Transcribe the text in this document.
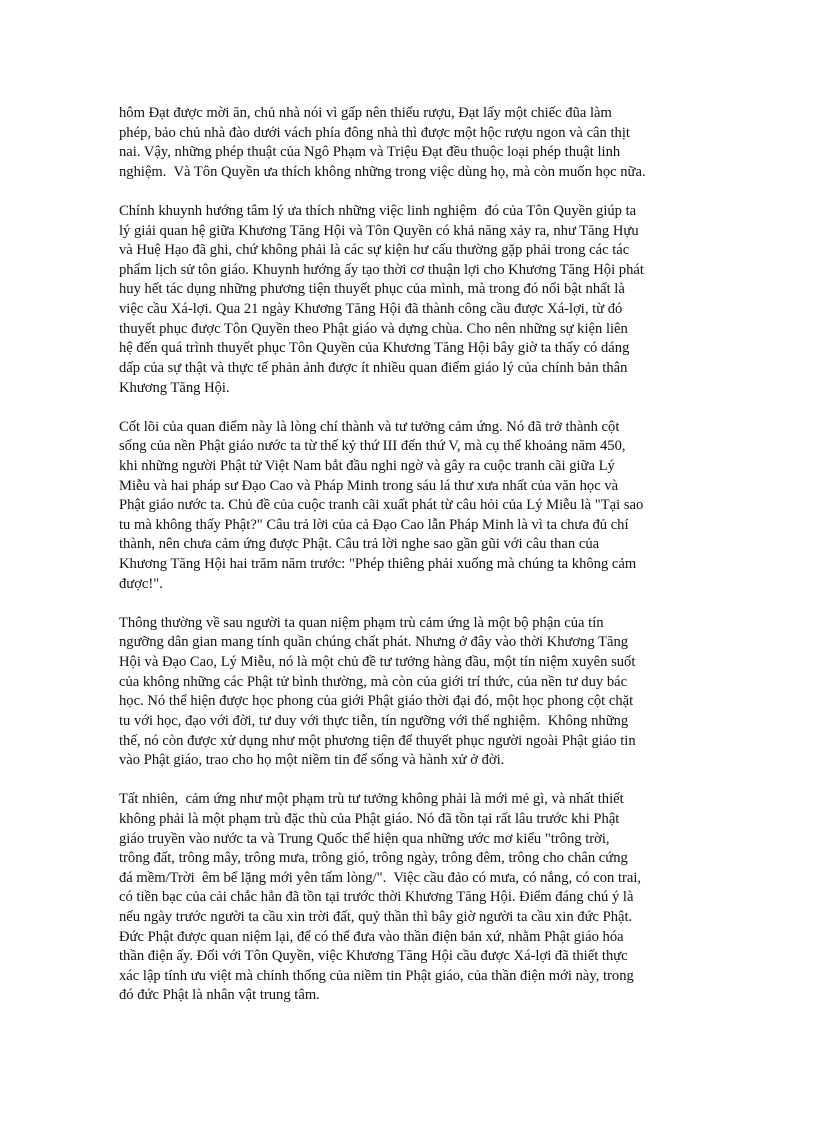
hôm Đạt được mời ăn, chủ nhà nói vì gấp nên thiếu rượu, Đạt lấy một chiếc đũa làm
phép, bảo chủ nhà đào dưới vách phía đông nhà thì được một hộc rượu ngon và cân thịt
nai. Vậy, những phép thuật của Ngô Phạm và Triệu Đạt đều thuộc loại phép thuật linh
nghiệm.  Và Tôn Quyền ưa thích không những trong việc dùng họ, mà còn muốn học nữa.
Chính khuynh hướng tâm lý ưa thích những việc linh nghiệm  đó của Tôn Quyền giúp ta
lý giải quan hệ giữa Khương Tăng Hội và Tôn Quyền có khả năng xảy ra, như Tăng Hựu
và Huệ Hạo đã ghi, chứ không phải là các sự kiện hư cấu thường gặp phải trong các tác
phẩm lịch sử tôn giáo. Khuynh hướng ấy tạo thời cơ thuận lợi cho Khương Tăng Hội phát
huy hết tác dụng những phương tiện thuyết phục của mình, mà trong đó nổi bật nhất là
việc cầu Xá-lợi. Qua 21 ngày Khương Tăng Hội đã thành công cầu được Xá-lợi, từ đó
thuyết phục được Tôn Quyền theo Phật giáo và dựng chùa. Cho nên những sự kiện liên
hệ đến quá trình thuyết phục Tôn Quyền của Khương Tăng Hội bây giờ ta thấy có dáng
dấp của sự thật và thực tế phản ảnh được ít nhiều quan điểm giáo lý của chính bản thân
Khương Tăng Hội.
Cốt lõi của quan điểm này là lòng chí thành và tư tưởng cảm ứng. Nó đã trở thành cột
sống của nền Phật giáo nước ta từ thế kỷ thứ III đến thứ V, mà cụ thể khoảng năm 450,
khi những người Phật tử Việt Nam bắt đầu nghi ngờ và gây ra cuộc tranh cãi giữa Lý
Miễu và hai pháp sư Đạo Cao và Pháp Minh trong sáu lá thư xưa nhất của văn học và
Phật giáo nước ta. Chủ đề của cuộc tranh cãi xuất phát từ câu hỏi của Lý Miễu là "Tại sao
tu mà không thấy Phật?" Câu trả lời của cả Đạo Cao lẫn Pháp Minh là vì ta chưa đủ chí
thành, nên chưa cảm ứng được Phật. Câu trả lời nghe sao gần gũi với câu than của
Khương Tăng Hội hai trăm năm trước: "Phép thiêng phải xuống mà chúng ta không cảm
được!".
Thông thường về sau người ta quan niệm phạm trù cảm ứng là một bộ phận của tín
ngưỡng dân gian mang tính quần chúng chất phát. Nhưng ở đây vào thời Khương Tăng
Hội và Đạo Cao, Lý Miễu, nó là một chủ đề tư tưởng hàng đầu, một tín niệm xuyên suốt
của không những các Phật tử bình thường, mà còn của giới trí thức, của nền tư duy bác
học. Nó thể hiện được học phong của giới Phật giáo thời đại đó, một học phong cột chặt
tu với học, đạo với đời, tư duy với thực tiễn, tín ngưỡng với thể nghiệm.  Không những
thế, nó còn được xử dụng như một phương tiện để thuyết phục người ngoài Phật giáo tin
vào Phật giáo, trao cho họ một niềm tin để sống và hành xử ở đời.
Tất nhiên,  cảm ứng như một phạm trù tư tưởng không phải là mới mẻ gì, và nhất thiết
không phải là một phạm trù đặc thù của Phật giáo. Nó đã tồn tại rất lâu trước khi Phật
giáo truyền vào nước ta và Trung Quốc thể hiện qua những ước mơ kiểu "trông trời,
trông đất, trông mây, trông mưa, trông gió, trông ngày, trông đêm, trông cho chân cứng
đá mềm/Trời  êm bể lặng mới yên tấm lòng/".  Việc cầu đảo có mưa, có nắng, có con trai,
có tiền bạc của cải chắc hẳn đã tồn tại trước thời Khương Tăng Hội. Điểm đáng chú ý là
nếu ngày trước người ta cầu xin trời đất, quỷ thần thì bây giờ người ta cầu xin đức Phật.
Đức Phật được quan niệm lại, để có thể đưa vào thần điện bản xứ, nhằm Phật giáo hóa
thần điện ấy. Đối với Tôn Quyền, việc Khương Tăng Hội cầu được Xá-lợi đã thiết thực
xác lập tính ưu việt mà chính thống của niềm tin Phật giáo, của thần điện mới này, trong
đó đức Phật là nhân vật trung tâm.
